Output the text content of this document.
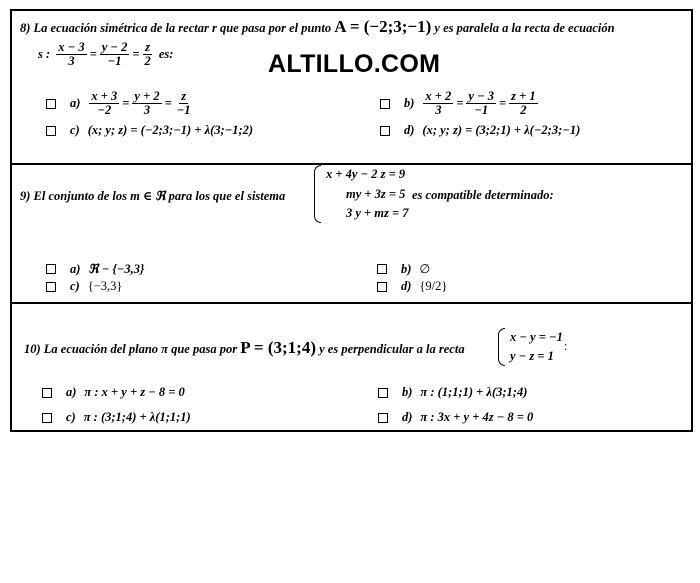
8) La ecuación simétrica de la rectar r que pasa por el punto A = (−2;3;−1) y es paralela a la recta de ecuación
s : $\frac{x - 3}{3} = \frac{y - 2}{-1} = \frac{z}{2}$ es:
$a) \frac{x + 3}{-2} = \frac{y + 2}{3} = \frac{z}{-1}$	$b) \frac{x + 2}{3} = \frac{y - 3}{-1} = \frac{z + 1}{2}$
c) (x; y; z) = (−2;3;−1) + λ(3;−1;2)	d) (x; y; z) = (3;2;1) + λ(−2;3;−1)
ALTILLO.COM
9) El conjunto de los m ∈ ℜ para los que el sistema
x + 4y − 2 z = 9
my + 3z = 5
3 y + mz = 7
es compatible determinado:
a) ℜ − {−3,3}	b) ∅
c) {−3,3}	d) {9/2}
10) La ecuación del plano π que pasa por P = (3;1;4) y es perpendicular a la recta
x − y = −1
y − z = 1
:
a) π : x + y + z − 8 = 0	b) π : (1;1;1) + λ(3;1;4)
c) π : (3;1;4) + λ(1;1;1)	d) π : 3x + y + 4z − 8 = 0
